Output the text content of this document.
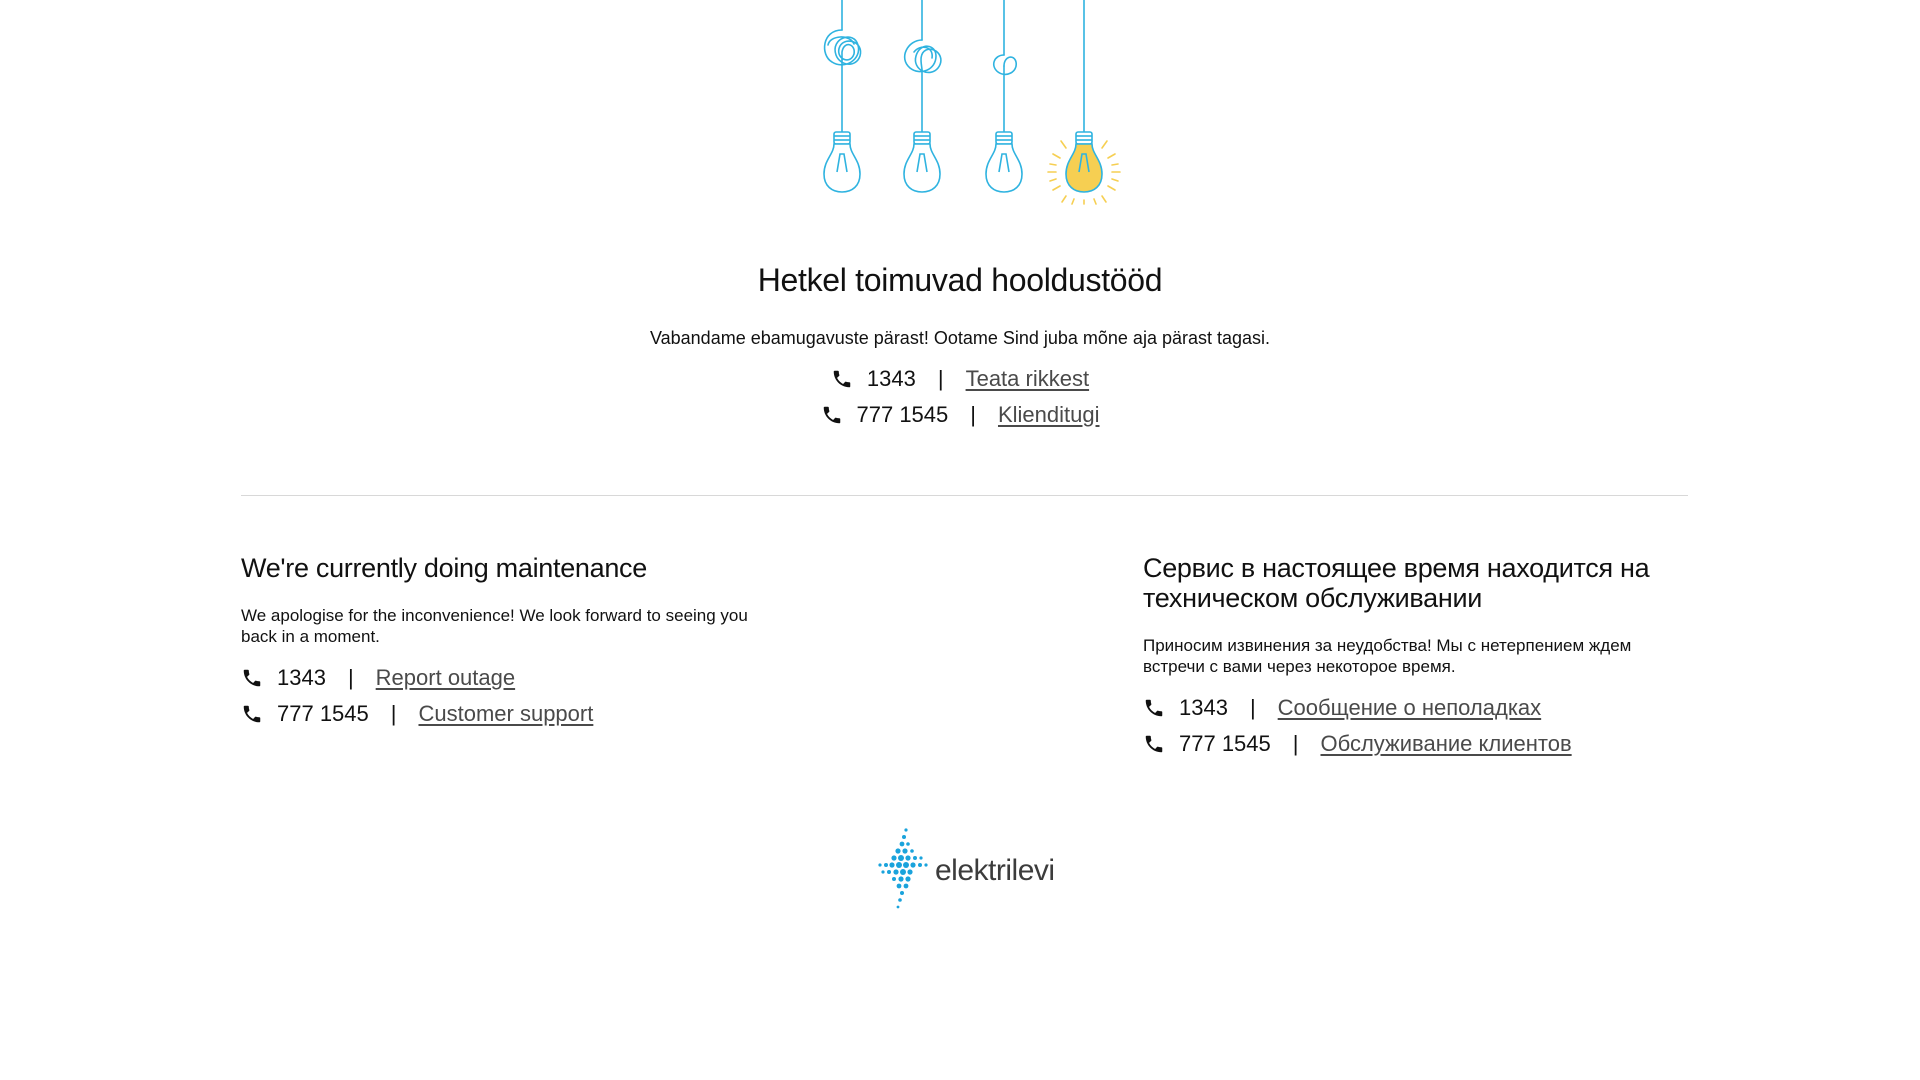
Hetkel toimuvad hooldustööd

Vabandame ebamugavuste pärast! Ootame Sind juba mõne aja pärast tagasi.

1343 | Teata rikkest
777 1545 | Klienditugi
We're currently doing maintenance

We apologise for the inconvenience! We look forward to seeing you back in a moment.

1343 | Report outage
777 1545 | Customer support
Сервис в настоящее время находится на техническом обслуживании

Приносим извинения за неудобства! Мы с нетерпением ждем встречи с вами через некоторое время.

1343 | Сообщение о неполадках
777 1545 | Обслуживание клиентов
elektrilevi
